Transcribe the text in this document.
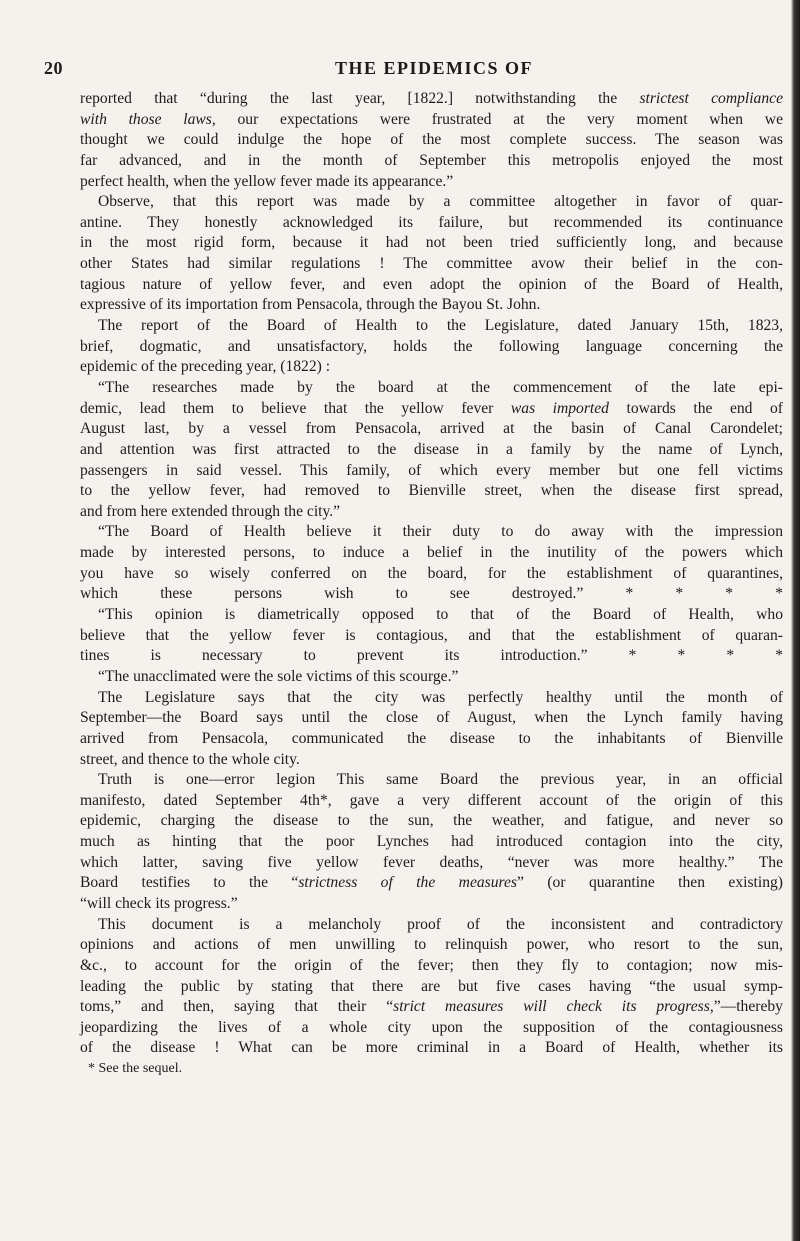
20	THE EPIDEMICS OF
reported that “during the last year, [1822.] notwithstanding the strictest compliance
with those laws, our expectations were frustrated at the very moment when we
thought we could indulge the hope of the most complete success. The season was
far advanced, and in the month of September this metropolis enjoyed the most
perfect health, when the yellow fever made its appearance.”
Observe, that this report was made by a committee altogether in favor of quar-
antine. They honestly acknowledged its failure, but recommended its continuance
in the most rigid form, because it had not been tried sufficiently long, and because
other States had similar regulations ! The committee avow their belief in the con-
tagious nature of yellow fever, and even adopt the opinion of the Board of Health,
expressive of its importation from Pensacola, through the Bayou St. John.
The report of the Board of Health to the Legislature, dated January 15th, 1823,
brief, dogmatic, and unsatisfactory, holds the following language concerning the
epidemic of the preceding year, (1822) :
“The researches made by the board at the commencement of the late epi-
demic, lead them to believe that the yellow fever was imported towards the end of
August last, by a vessel from Pensacola, arrived at the basin of Canal Carondelet;
and attention was first attracted to the disease in a family by the name of Lynch,
passengers in said vessel. This family, of which every member but one fell victims
to the yellow fever, had removed to Bienville street, when the disease first spread,
and from here extended through the city.”
“The Board of Health believe it their duty to do away with the impression
made by interested persons, to induce a belief in the inutility of the powers which
you have so wisely conferred on the board, for the establishment of quarantines,
which these persons wish to see destroyed.” * * * *
“This opinion is diametrically opposed to that of the Board of Health, who
believe that the yellow fever is contagious, and that the establishment of quaran-
tines is necessary to prevent its introduction.” * * * *
“The unacclimated were the sole victims of this scourge.”
The Legislature says that the city was perfectly healthy until the month of
September—the Board says until the close of August, when the Lynch family having
arrived from Pensacola, communicated the disease to the inhabitants of Bienville
street, and thence to the whole city.
Truth is one—error legion This same Board the previous year, in an official
manifesto, dated September 4th*, gave a very different account of the origin of this
epidemic, charging the disease to the sun, the weather, and fatigue, and never so
much as hinting that the poor Lynches had introduced contagion into the city,
which latter, saving five yellow fever deaths, “never was more healthy.” The
Board testifies to the “strictness of the measures” (or quarantine then existing)
“will check its progress.”
This document is a melancholy proof of the inconsistent and contradictory
opinions and actions of men unwilling to relinquish power, who resort to the sun,
&c., to account for the origin of the fever; then they fly to contagion; now mis-
leading the public by stating that there are but five cases having “the usual symp-
toms,” and then, saying that their “strict measures will check its progress,”—thereby
jeopardizing the lives of a whole city upon the supposition of the contagiousness
of the disease ! What can be more criminal in a Board of Health, whether its
* See the sequel.
